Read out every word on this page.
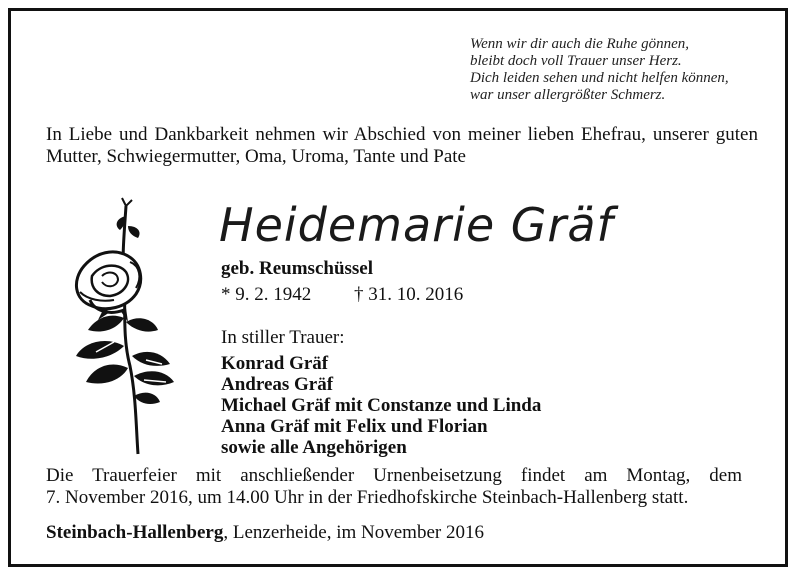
Wenn wir dir auch die Ruhe gönnen,
bleibt doch voll Trauer unser Herz.
Dich leiden sehen und nicht helfen können,
war unser allergrößter Schmerz.
In Liebe und Dankbarkeit nehmen wir Abschied von meiner lieben Ehefrau, unserer guten Mutter, Schwiegermutter, Oma, Uroma, Tante und Pate
Heidemarie Gräf
geb. Reumschüssel
* 9. 2. 1942 † 31. 10. 2016
In stiller Trauer:
Konrad Gräf
Andreas Gräf
Michael Gräf mit Constanze und Linda
Anna Gräf mit Felix und Florian
sowie alle Angehörigen
Die Trauerfeier mit anschließender Urnenbeisetzung findet am Montag, dem
7. November 2016, um 14.00 Uhr in der Friedhofskirche Steinbach-Hallenberg statt.
Steinbach-Hallenberg, Lenzerheide, im November 2016
